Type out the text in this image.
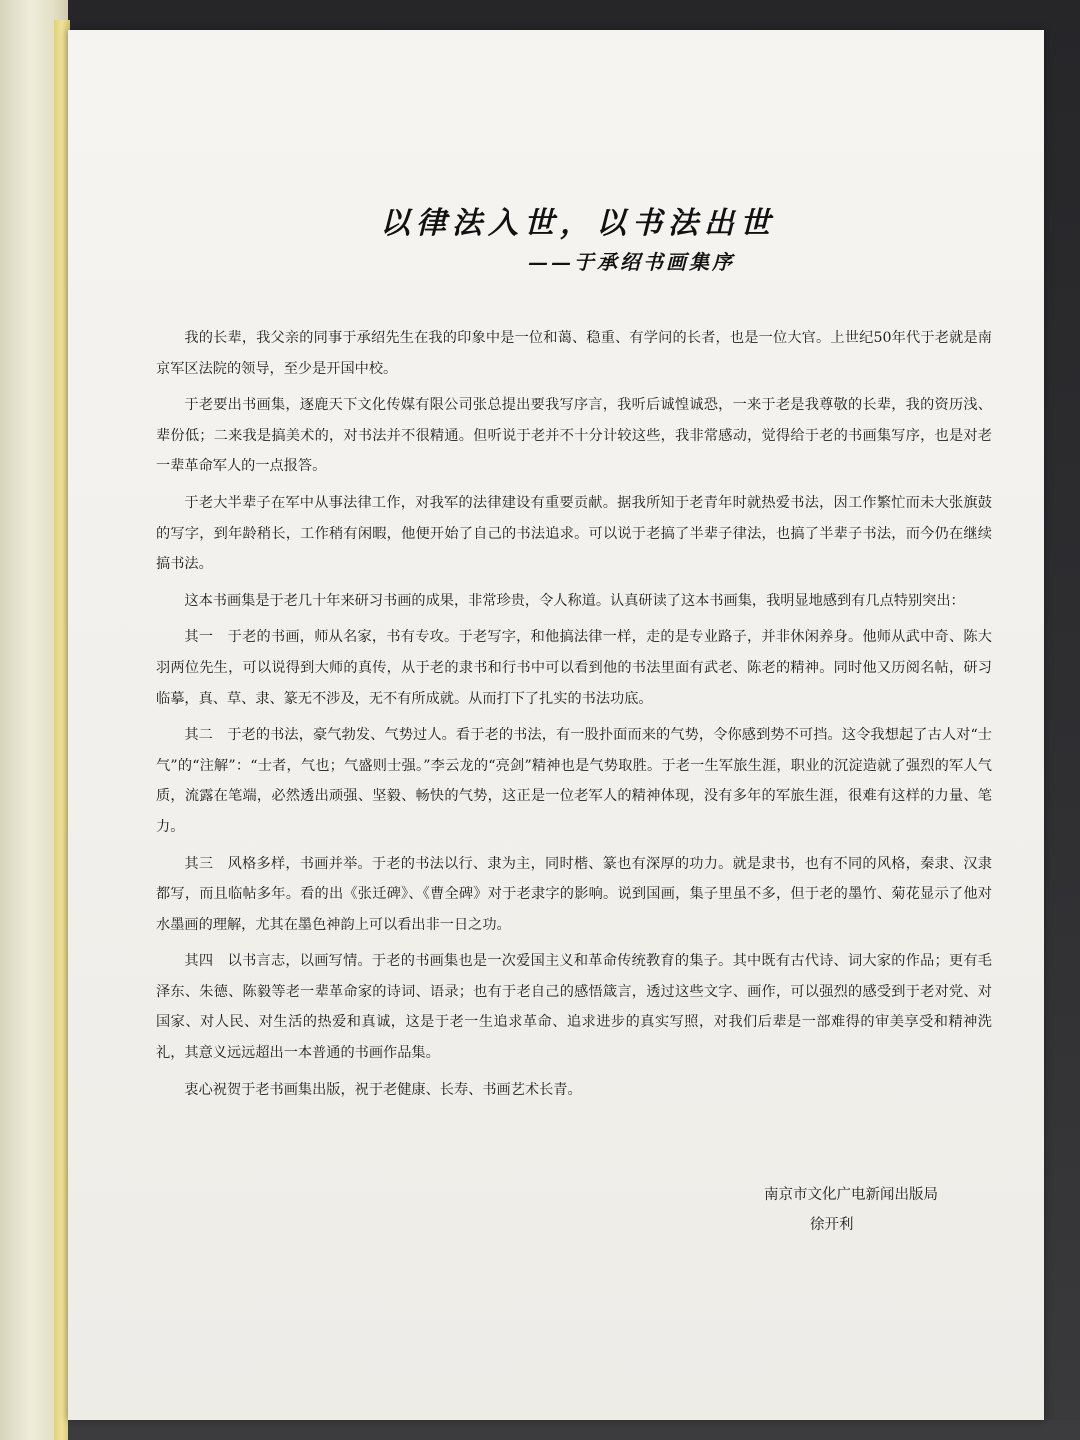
以律法入世，以书法出世
——于承绍书画集序

我的长辈，我父亲的同事于承绍先生在我的印象中是一位和蔼、稳重、有学问的长者，也是一位大官。上世纪50年代于老就是南京军区法院的领导，至少是开国中校。

于老要出书画集，逐鹿天下文化传媒有限公司张总提出要我写序言，我听后诚惶诚恐，一来于老是我尊敬的长辈，我的资历浅、辈份低；二来我是搞美术的，对书法并不很精通。但听说于老并不十分计较这些，我非常感动，觉得给于老的书画集写序，也是对老一辈革命军人的一点报答。

于老大半辈子在军中从事法律工作，对我军的法律建设有重要贡献。据我所知于老青年时就热爱书法，因工作繁忙而未大张旗鼓的写字，到年龄稍长，工作稍有闲暇，他便开始了自己的书法追求。可以说于老搞了半辈子律法，也搞了半辈子书法，而今仍在继续搞书法。

这本书画集是于老几十年来研习书画的成果，非常珍贵，令人称道。认真研读了这本书画集，我明显地感到有几点特别突出：

其一　于老的书画，师从名家，书有专攻。于老写字，和他搞法律一样，走的是专业路子，并非休闲养身。他师从武中奇、陈大羽两位先生，可以说得到大师的真传，从于老的隶书和行书中可以看到他的书法里面有武老、陈老的精神。同时他又历阅名帖，研习临摹，真、草、隶、篆无不涉及，无不有所成就。从而打下了扎实的书法功底。

其二　于老的书法，豪气勃发、气势过人。看于老的书法，有一股扑面而来的气势，令你感到势不可挡。这令我想起了古人对“士气”的“注解”：“士者，气也；气盛则士强。”李云龙的“亮剑”精神也是气势取胜。于老一生军旅生涯，职业的沉淀造就了强烈的军人气质，流露在笔端，必然透出顽强、坚毅、畅快的气势，这正是一位老军人的精神体现，没有多年的军旅生涯，很难有这样的力量、笔力。

其三　风格多样，书画并举。于老的书法以行、隶为主，同时楷、篆也有深厚的功力。就是隶书，也有不同的风格，秦隶、汉隶都写，而且临帖多年。看的出《张迁碑》、《曹全碑》对于老隶字的影响。说到国画，集子里虽不多，但于老的墨竹、菊花显示了他对水墨画的理解，尤其在墨色神韵上可以看出非一日之功。

其四　以书言志，以画写情。于老的书画集也是一次爱国主义和革命传统教育的集子。其中既有古代诗、词大家的作品；更有毛泽东、朱德、陈毅等老一辈革命家的诗词、语录；也有于老自己的感悟箴言，透过这些文字、画作，可以强烈的感受到于老对党、对国家、对人民、对生活的热爱和真诚，这是于老一生追求革命、追求进步的真实写照，对我们后辈是一部难得的审美享受和精神洗礼，其意义远远超出一本普通的书画作品集。

衷心祝贺于老书画集出版，祝于老健康、长寿、书画艺术长青。

南京市文化广电新闻出版局
徐开利
